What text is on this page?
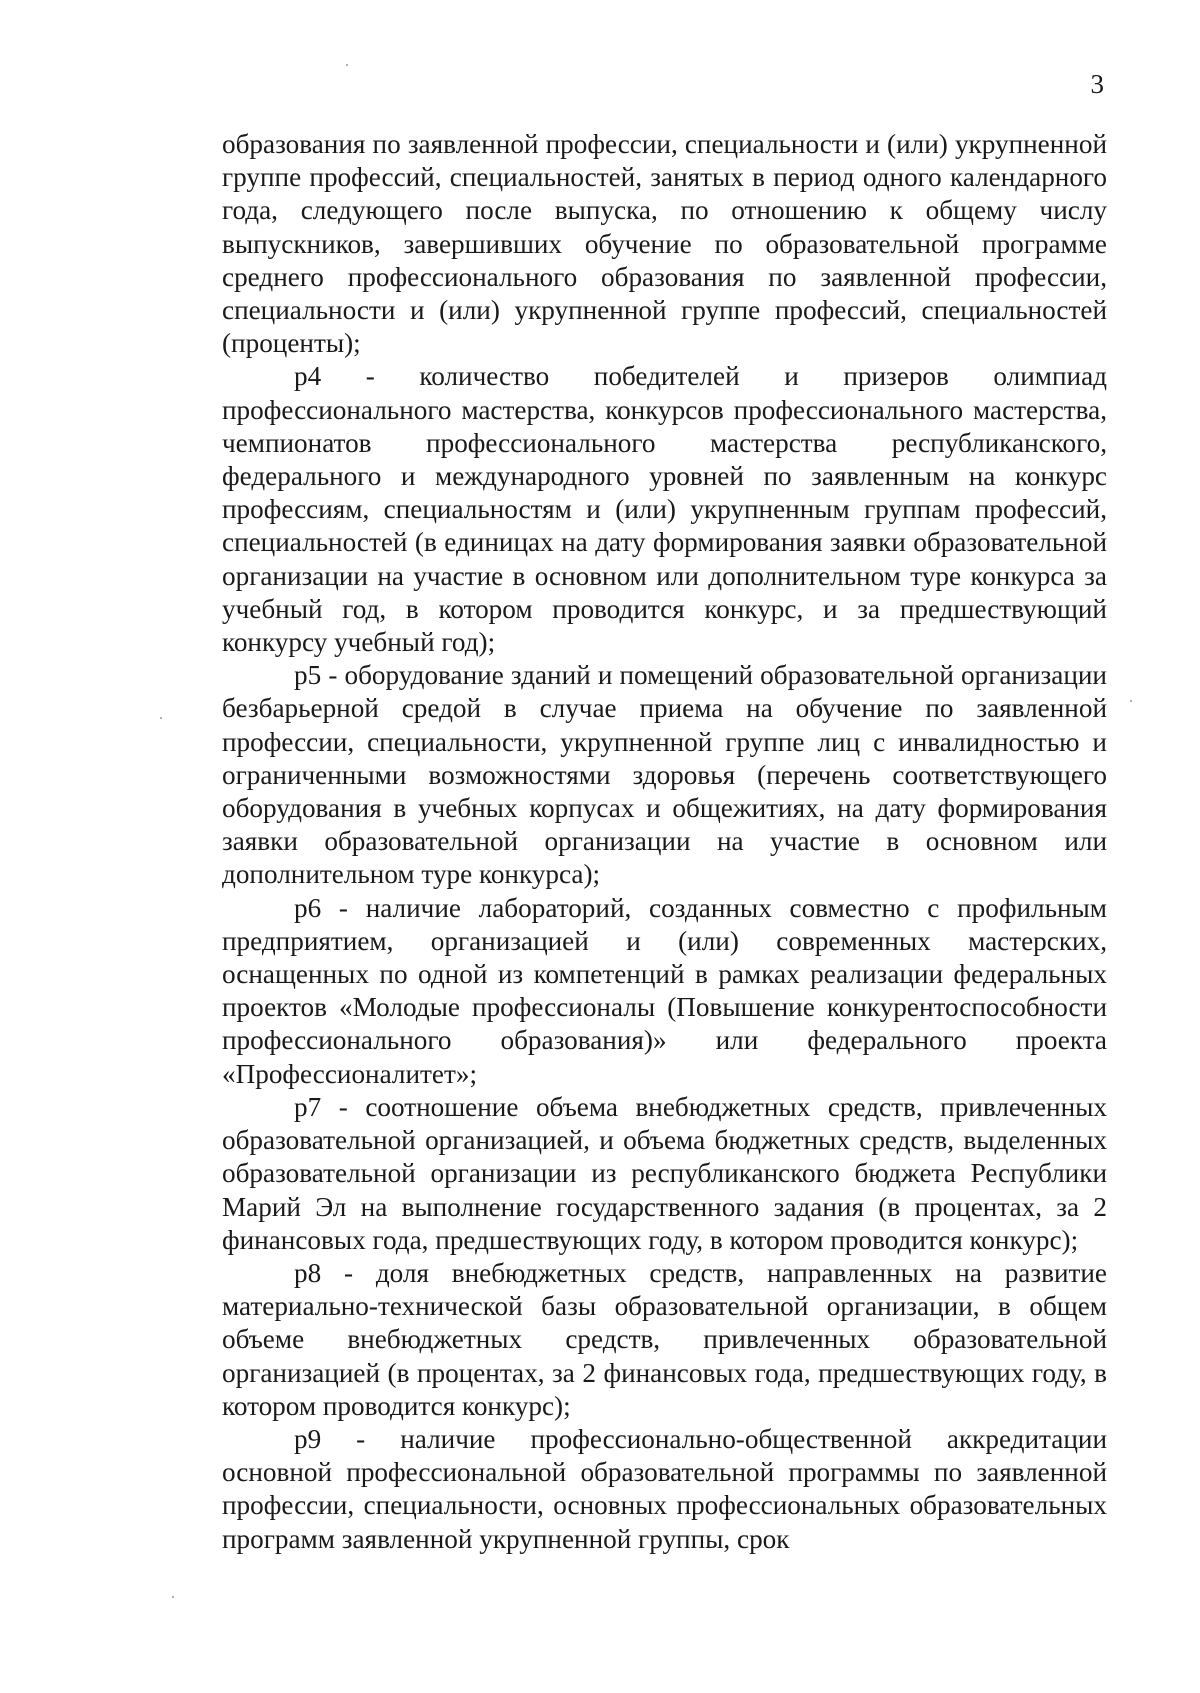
3

образования по заявленной профессии, специальности и (или) укрупненной группе профессий, специальностей, занятых в период одного календарного года, следующего после выпуска, по отношению к общему числу выпускников, завершивших обучение по образовательной программе среднего профессионального образования по заявленной профессии, специальности и (или) укрупненной группе профессий, специальностей (проценты);

p4 - количество победителей и призеров олимпиад профессионального мастерства, конкурсов профессионального мастерства, чемпионатов профессионального мастерства республиканского, федерального и международного уровней по заявленным на конкурс профессиям, специальностям и (или) укрупненным группам профессий, специальностей (в единицах на дату формирования заявки образовательной организации на участие в основном или дополнительном туре конкурса за учебный год, в котором проводится конкурс, и за предшествующий конкурсу учебный год);

p5 - оборудование зданий и помещений образовательной организации безбарьерной средой в случае приема на обучение по заявленной профессии, специальности, укрупненной группе лиц с инвалидностью и ограниченными возможностями здоровья (перечень соответствующего оборудования в учебных корпусах и общежитиях, на дату формирования заявки образовательной организации на участие в основном или дополнительном туре конкурса);

p6 - наличие лабораторий, созданных совместно с профильным предприятием, организацией и (или) современных мастерских, оснащенных по одной из компетенций в рамках реализации федеральных проектов «Молодые профессионалы (Повышение конкурентоспособности профессионального образования)» или федерального проекта «Профессионалитет»;

p7 - соотношение объема внебюджетных средств, привлеченных образовательной организацией, и объема бюджетных средств, выделенных образовательной организации из республиканского бюджета Республики Марий Эл на выполнение государственного задания (в процентах, за 2 финансовых года, предшествующих году, в котором проводится конкурс);

p8 - доля внебюджетных средств, направленных на развитие материально-технической базы образовательной организации, в общем объеме внебюджетных средств, привлеченных образовательной организацией (в процентах, за 2 финансовых года, предшествующих году, в котором проводится конкурс);

p9 - наличие профессионально-общественной аккредитации основной профессиональной образовательной программы по заявленной профессии, специальности, основных профессиональных образовательных программ заявленной укрупненной группы, срок
